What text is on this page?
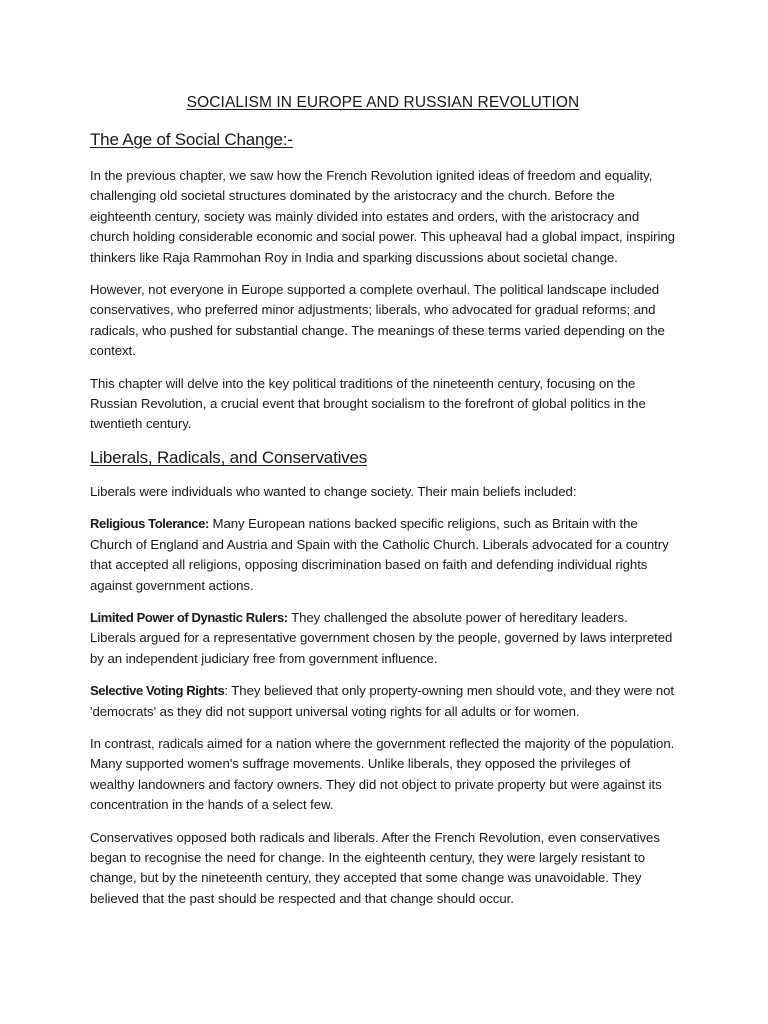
SOCIALISM IN EUROPE AND RUSSIAN REVOLUTION
The Age of Social Change:-

In the previous chapter, we saw how the French Revolution ignited ideas of freedom and equality, challenging old societal structures dominated by the aristocracy and the church. Before the eighteenth century, society was mainly divided into estates and orders, with the aristocracy and church holding considerable economic and social power. This upheaval had a global impact, inspiring thinkers like Raja Rammohan Roy in India and sparking discussions about societal change.

However, not everyone in Europe supported a complete overhaul. The political landscape included conservatives, who preferred minor adjustments; liberals, who advocated for gradual reforms; and radicals, who pushed for substantial change. The meanings of these terms varied depending on the context.

This chapter will delve into the key political traditions of the nineteenth century, focusing on the Russian Revolution, a crucial event that brought socialism to the forefront of global politics in the twentieth century.

Liberals, Radicals, and Conservatives

Liberals were individuals who wanted to change society. Their main beliefs included:

Religious Tolerance: Many European nations backed specific religions, such as Britain with the Church of England and Austria and Spain with the Catholic Church. Liberals advocated for a country that accepted all religions, opposing discrimination based on faith and defending individual rights against government actions.

Limited Power of Dynastic Rulers: They challenged the absolute power of hereditary leaders. Liberals argued for a representative government chosen by the people, governed by laws interpreted by an independent judiciary free from government influence.

Selective Voting Rights: They believed that only property-owning men should vote, and they were not 'democrats' as they did not support universal voting rights for all adults or for women.

In contrast, radicals aimed for a nation where the government reflected the majority of the population. Many supported women's suffrage movements. Unlike liberals, they opposed the privileges of wealthy landowners and factory owners. They did not object to private property but were against its concentration in the hands of a select few.

Conservatives opposed both radicals and liberals. After the French Revolution, even conservatives began to recognise the need for change. In the eighteenth century, they were largely resistant to change, but by the nineteenth century, they accepted that some change was unavoidable. They believed that the past should be respected and that change should occur.
